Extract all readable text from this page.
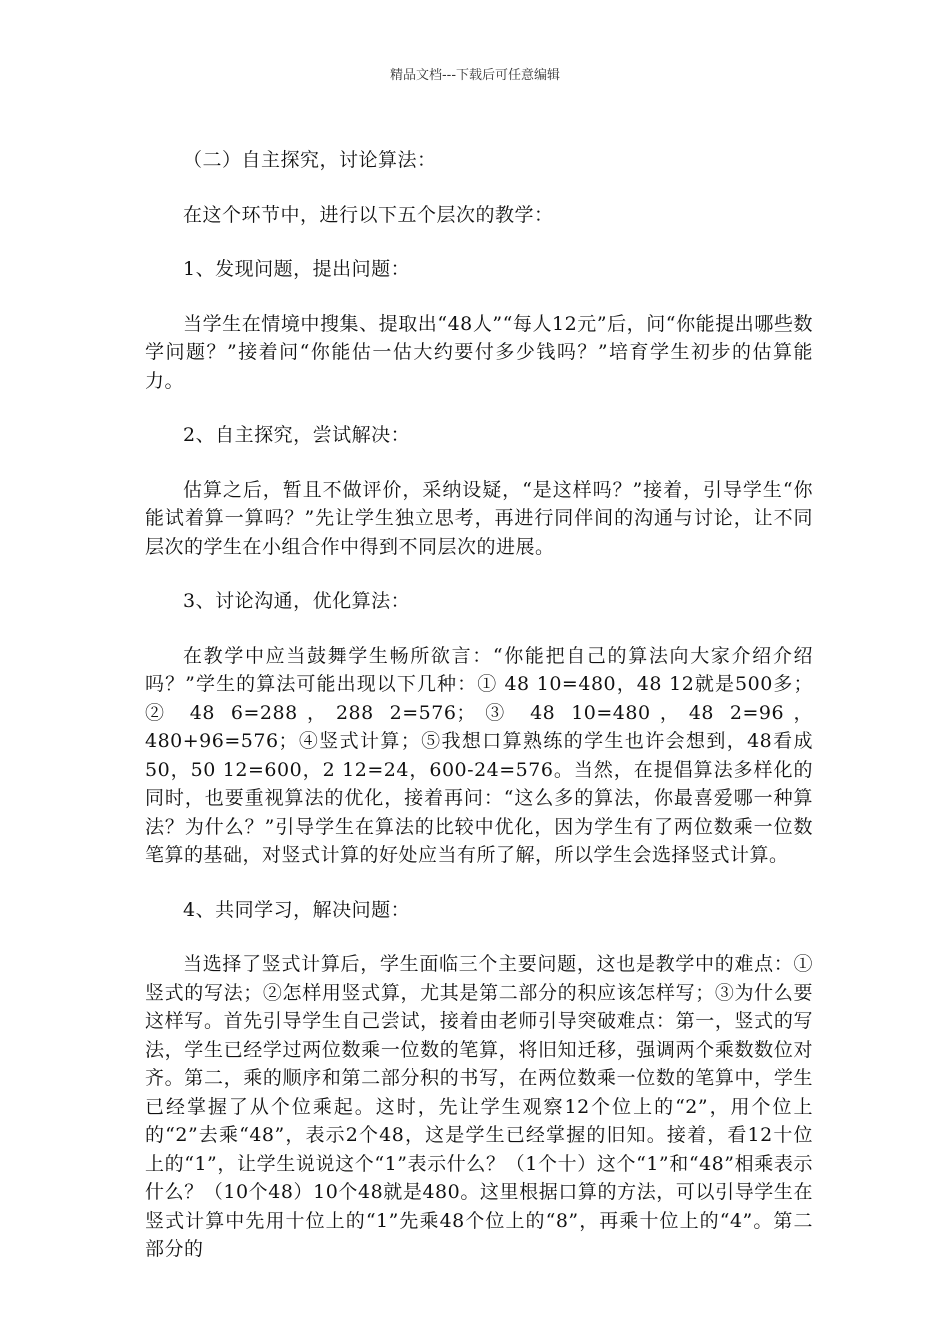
精品文档---下载后可任意编辑

（二）自主探究，讨论算法：

在这个环节中，进行以下五个层次的教学：

1、发现问题，提出问题：

当学生在情境中搜集、提取出“48人”“每人12元”后，问“你能提出哪些数学问题？”接着问“你能估一估大约要付多少钱吗？”培育学生初步的估算能力。

2、自主探究，尝试解决：

估算之后，暂且不做评价，采纳设疑，“是这样吗？”接着，引导学生“你能试着算一算吗？”先让学生独立思考，再进行同伴间的沟通与讨论，让不同层次的学生在小组合作中得到不同层次的进展。

3、讨论沟通，优化算法：

在教学中应当鼓舞学生畅所欲言：“你能把自己的算法向大家介绍介绍吗？”学生的算法可能出现以下几种：① 48 10=480，48 12就是500多；② 48 6=288，288 2=576；③ 48 10=480，48 2=96，480+96=576；④竖式计算；⑤我想口算熟练的学生也许会想到，48看成50，50 12=600，2 12=24，600-24=576。当然，在提倡算法多样化的同时，也要重视算法的优化，接着再问：“这么多的算法，你最喜爱哪一种算法？为什么？”引导学生在算法的比较中优化，因为学生有了两位数乘一位数笔算的基础，对竖式计算的好处应当有所了解，所以学生会选择竖式计算。

4、共同学习，解决问题：

当选择了竖式计算后，学生面临三个主要问题，这也是教学中的难点：①竖式的写法；②怎样用竖式算，尤其是第二部分的积应该怎样写；③为什么要这样写。首先引导学生自己尝试，接着由老师引导突破难点：第一，竖式的写法，学生已经学过两位数乘一位数的笔算，将旧知迁移，强调两个乘数数位对齐。第二，乘的顺序和第二部分积的书写，在两位数乘一位数的笔算中，学生已经掌握了从个位乘起。这时，先让学生观察12个位上的“2”，用个位上的“2”去乘“48”，表示2个48，这是学生已经掌握的旧知。接着，看12十位上的“1”，让学生说说这个“1”表示什么？（1个十）这个“1”和“48”相乘表示什么？（10个48）10个48就是480。这里根据口算的方法，可以引导学生在竖式计算中先用十位上的“1”先乘48个位上的“8”，再乘十位上的“4”。第二部分的
